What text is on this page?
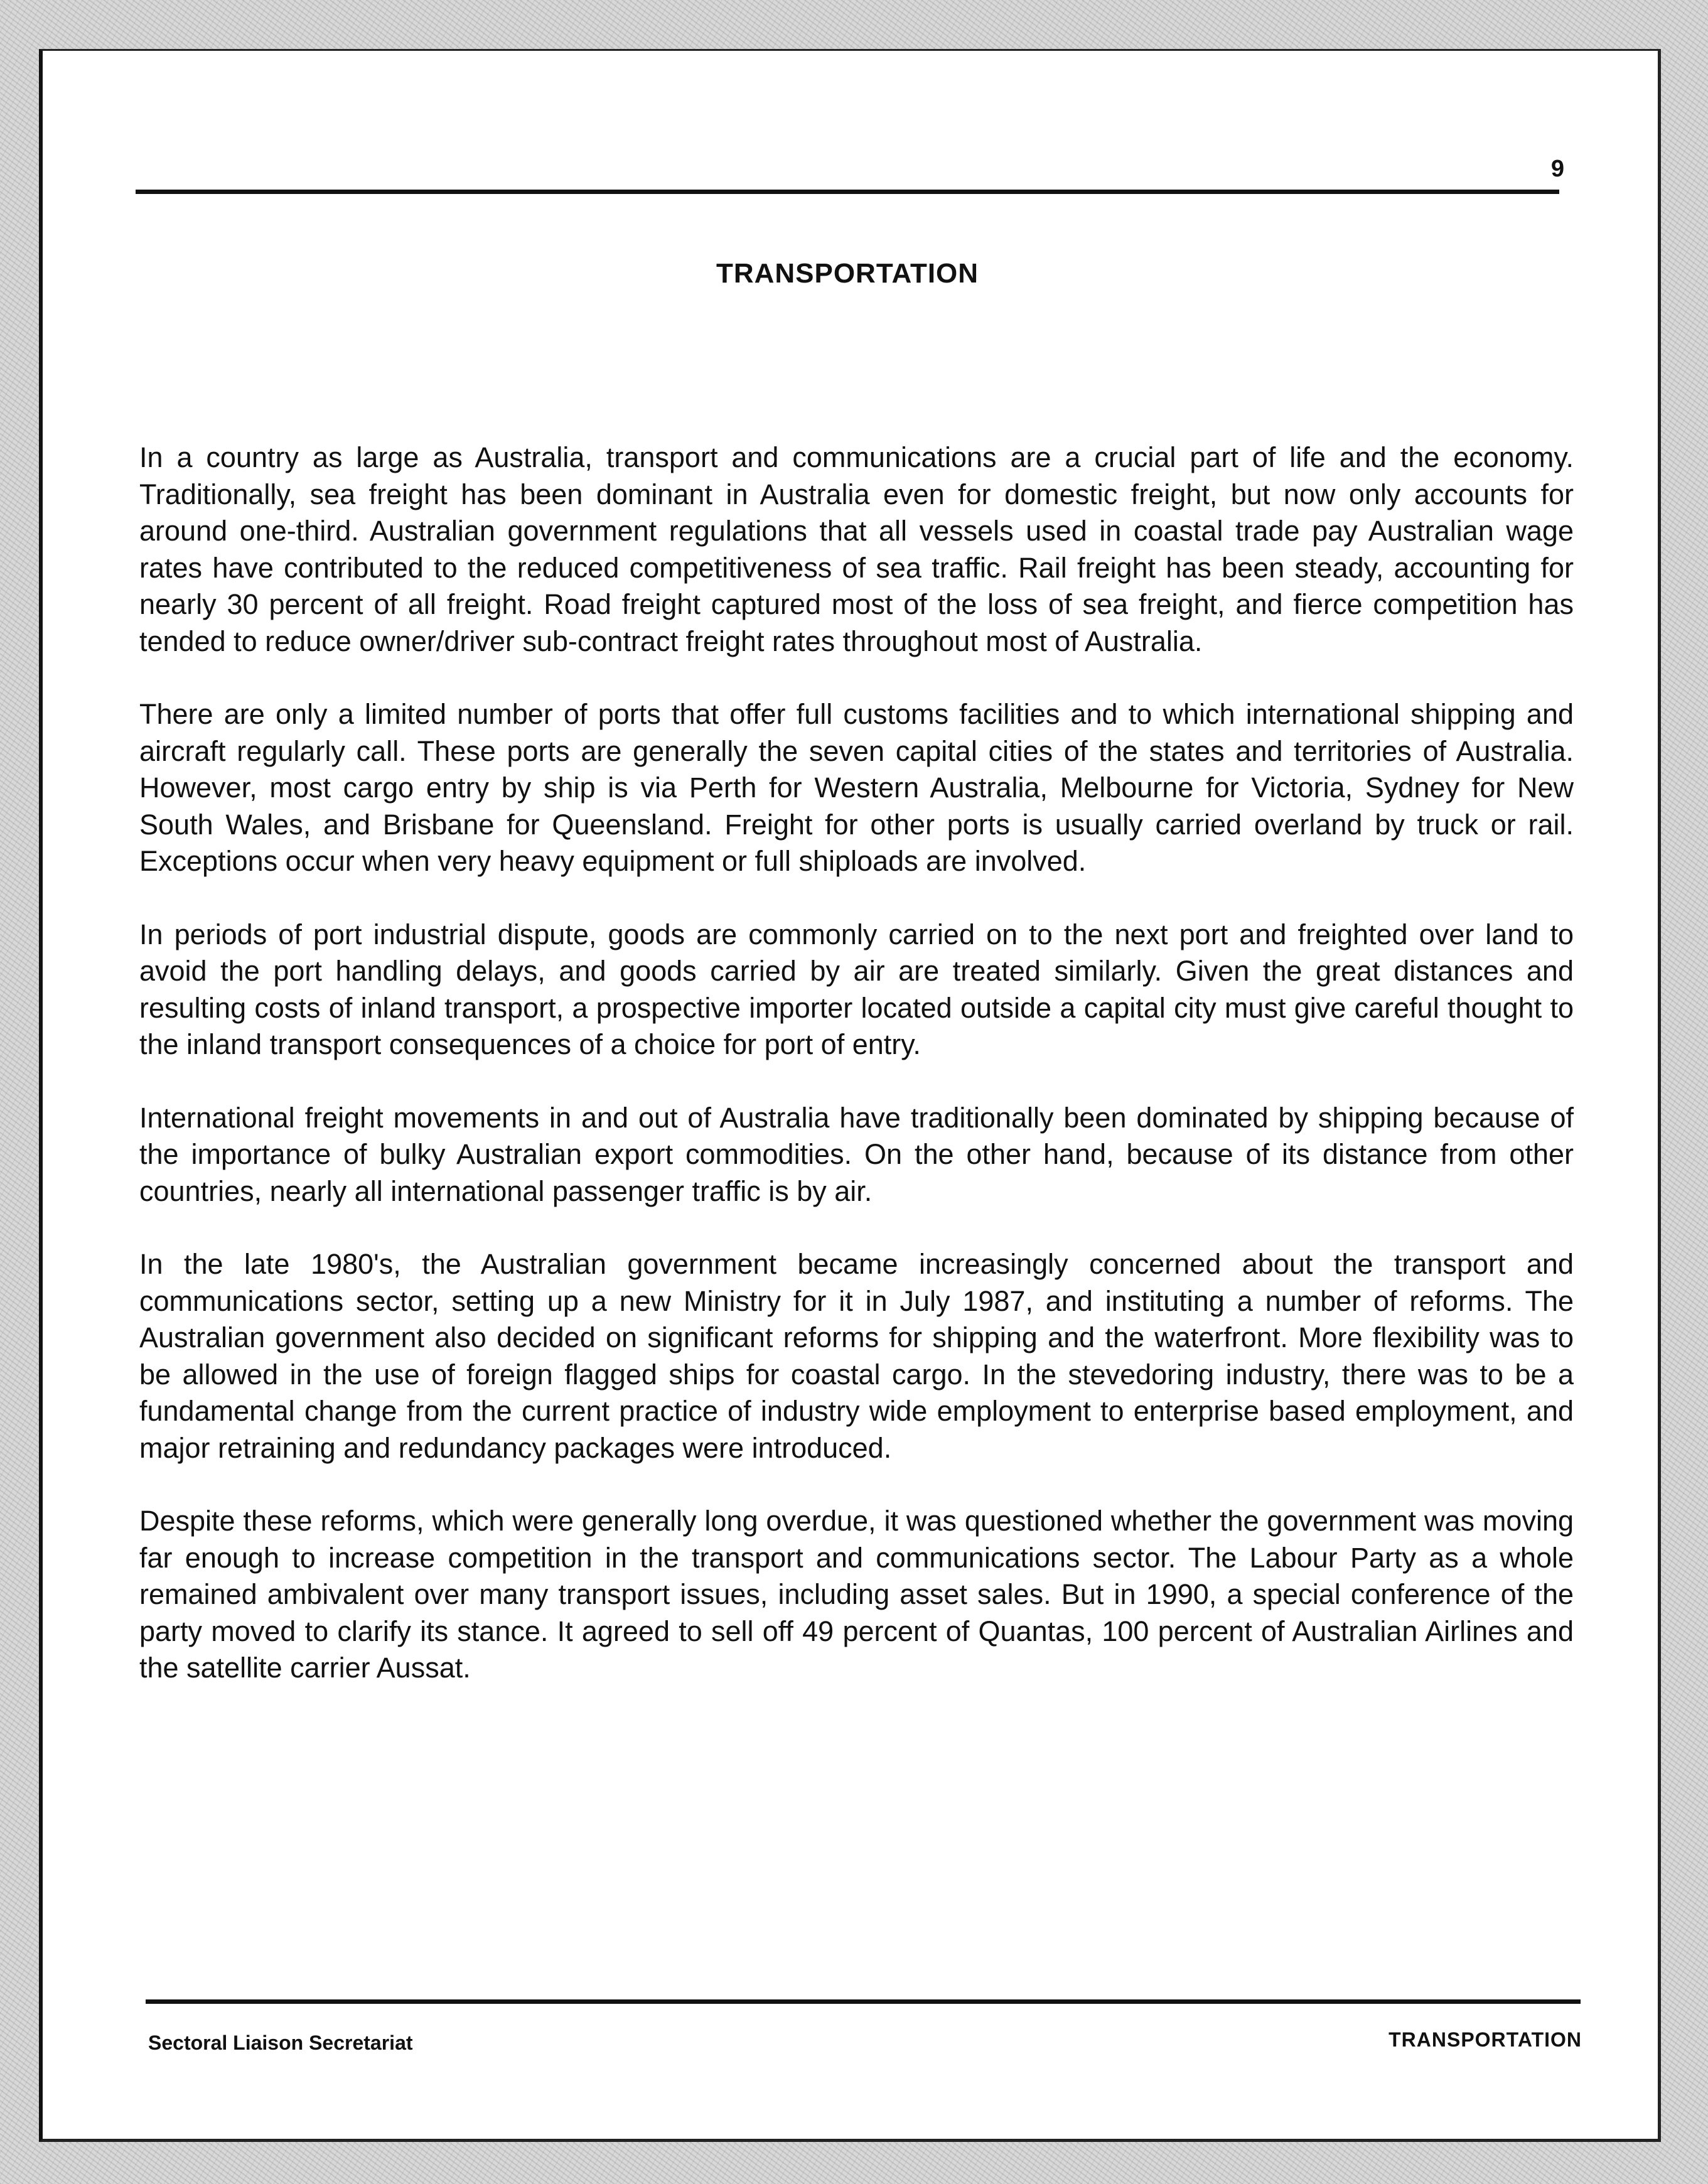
9
TRANSPORTATION

In a country as large as Australia, transport and communications are a crucial part of life and the economy. Traditionally, sea freight has been dominant in Australia even for domestic freight, but now only accounts for around one-third. Australian government regulations that all vessels used in coastal trade pay Australian wage rates have contributed to the reduced competitiveness of sea traffic. Rail freight has been steady, accounting for nearly 30 percent of all freight. Road freight captured most of the loss of sea freight, and fierce competition has tended to reduce owner/driver sub-contract freight rates throughout most of Australia.

There are only a limited number of ports that offer full customs facilities and to which international shipping and aircraft regularly call. These ports are generally the seven capital cities of the states and territories of Australia. However, most cargo entry by ship is via Perth for Western Australia, Melbourne for Victoria, Sydney for New South Wales, and Brisbane for Queensland. Freight for other ports is usually carried overland by truck or rail. Exceptions occur when very heavy equipment or full shiploads are involved.

In periods of port industrial dispute, goods are commonly carried on to the next port and freighted over land to avoid the port handling delays, and goods carried by air are treated similarly. Given the great distances and resulting costs of inland transport, a prospective importer located outside a capital city must give careful thought to the inland transport consequences of a choice for port of entry.

International freight movements in and out of Australia have traditionally been dominated by shipping because of the importance of bulky Australian export commodities. On the other hand, because of its distance from other countries, nearly all international passenger traffic is by air.

In the late 1980's, the Australian government became increasingly concerned about the transport and communications sector, setting up a new Ministry for it in July 1987, and instituting a number of reforms. The Australian government also decided on significant reforms for shipping and the waterfront. More flexibility was to be allowed in the use of foreign flagged ships for coastal cargo. In the stevedoring industry, there was to be a fundamental change from the current practice of industry wide employment to enterprise based employment, and major retraining and redundancy packages were introduced.

Despite these reforms, which were generally long overdue, it was questioned whether the government was moving far enough to increase competition in the transport and communications sector. The Labour Party as a whole remained ambivalent over many transport issues, including asset sales. But in 1990, a special conference of the party moved to clarify its stance. It agreed to sell off 49 percent of Quantas, 100 percent of Australian Airlines and the satellite carrier Aussat.

Sectoral Liaison Secretariat	TRANSPORTATION
